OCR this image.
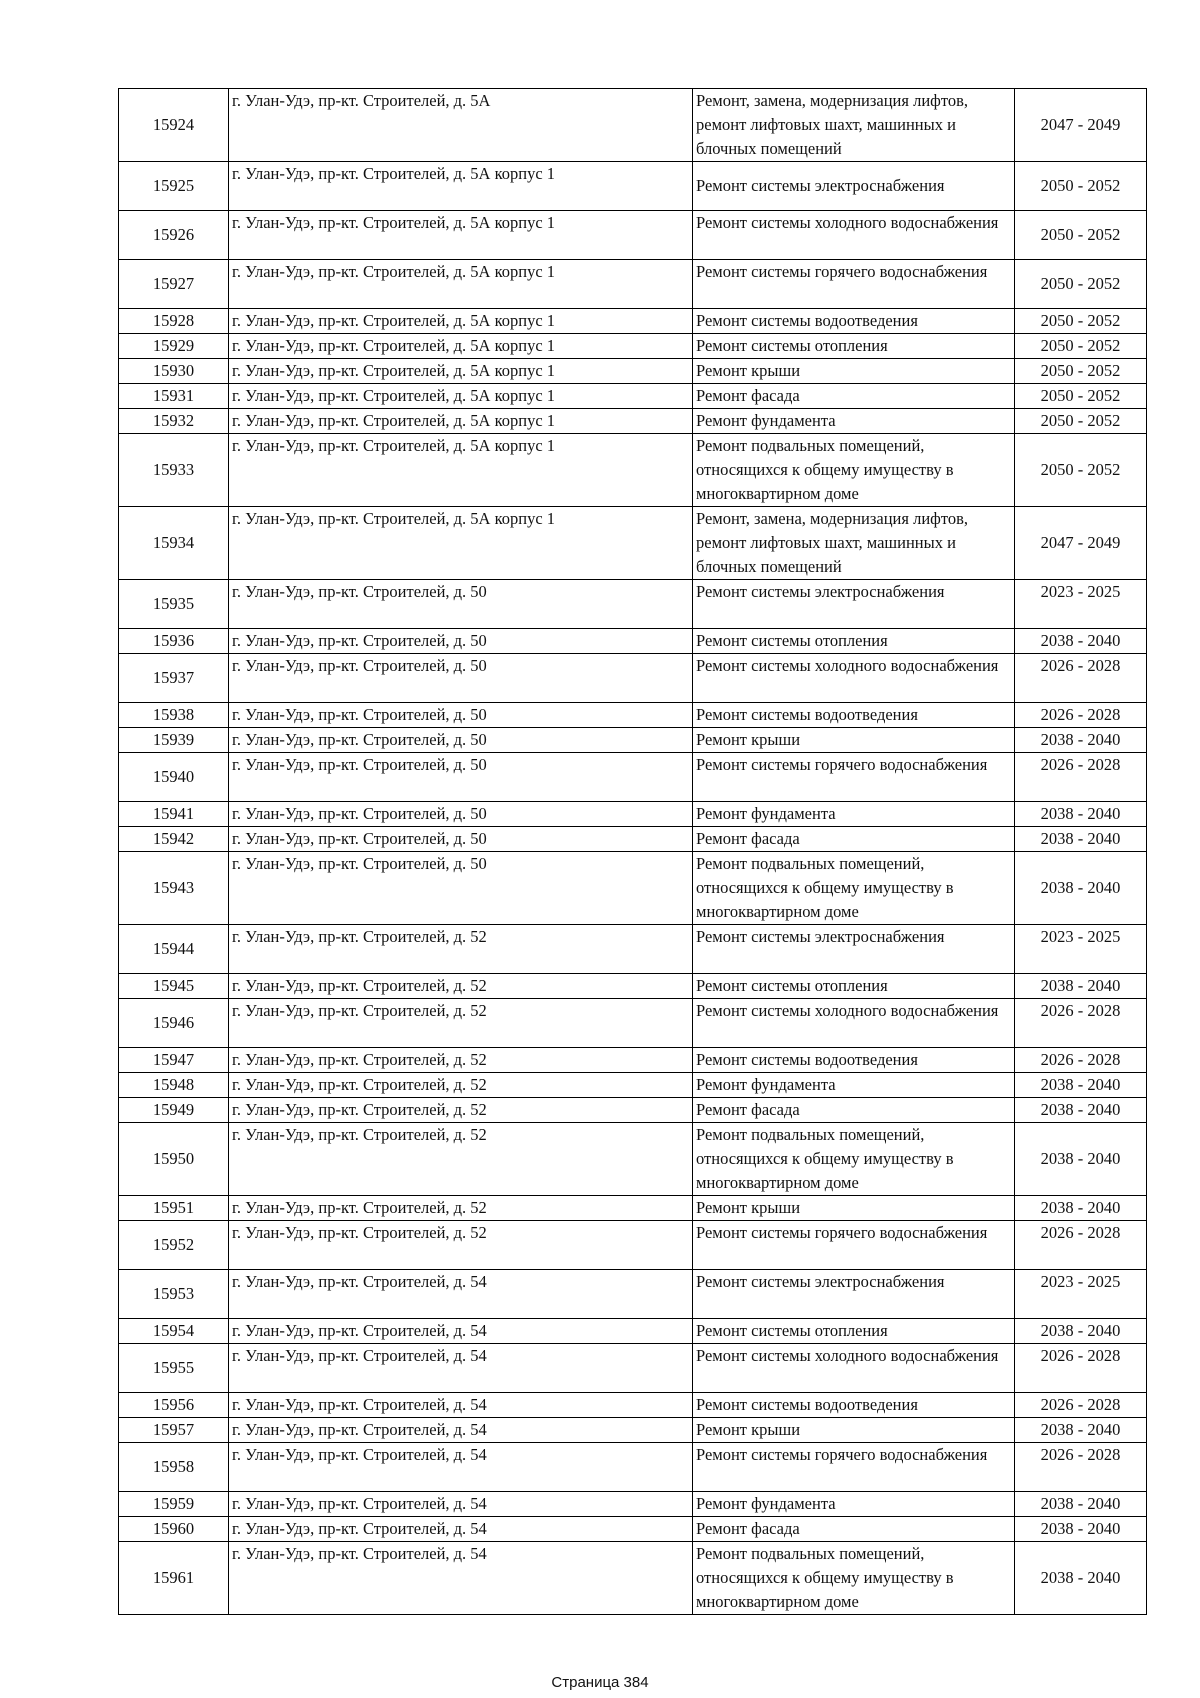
15924	г. Улан-Удэ, пр-кт. Строителей, д. 5А	Ремонт, замена, модернизация лифтов, ремонт лифтовых шахт, машинных и блочных помещений	2047 - 2049
15925	г. Улан-Удэ, пр-кт. Строителей, д. 5А корпус 1	Ремонт системы электроснабжения	2050 - 2052
15926	г. Улан-Удэ, пр-кт. Строителей, д. 5А корпус 1	Ремонт системы холодного водоснабжения	2050 - 2052
15927	г. Улан-Удэ, пр-кт. Строителей, д. 5А корпус 1	Ремонт системы горячего водоснабжения	2050 - 2052
15928	г. Улан-Удэ, пр-кт. Строителей, д. 5А корпус 1	Ремонт системы водоотведения	2050 - 2052
15929	г. Улан-Удэ, пр-кт. Строителей, д. 5А корпус 1	Ремонт системы отопления	2050 - 2052
15930	г. Улан-Удэ, пр-кт. Строителей, д. 5А корпус 1	Ремонт крыши	2050 - 2052
15931	г. Улан-Удэ, пр-кт. Строителей, д. 5А корпус 1	Ремонт фасада	2050 - 2052
15932	г. Улан-Удэ, пр-кт. Строителей, д. 5А корпус 1	Ремонт фундамента	2050 - 2052
15933	г. Улан-Удэ, пр-кт. Строителей, д. 5А корпус 1	Ремонт подвальных помещений, относящихся к общему имуществу в многоквартирном доме	2050 - 2052
15934	г. Улан-Удэ, пр-кт. Строителей, д. 5А корпус 1	Ремонт, замена, модернизация лифтов, ремонт лифтовых шахт, машинных и блочных помещений	2047 - 2049
15935	г. Улан-Удэ, пр-кт. Строителей, д. 50	Ремонт системы электроснабжения	2023 - 2025
15936	г. Улан-Удэ, пр-кт. Строителей, д. 50	Ремонт системы отопления	2038 - 2040
15937	г. Улан-Удэ, пр-кт. Строителей, д. 50	Ремонт системы холодного водоснабжения	2026 - 2028
15938	г. Улан-Удэ, пр-кт. Строителей, д. 50	Ремонт системы водоотведения	2026 - 2028
15939	г. Улан-Удэ, пр-кт. Строителей, д. 50	Ремонт крыши	2038 - 2040
15940	г. Улан-Удэ, пр-кт. Строителей, д. 50	Ремонт системы горячего водоснабжения	2026 - 2028
15941	г. Улан-Удэ, пр-кт. Строителей, д. 50	Ремонт фундамента	2038 - 2040
15942	г. Улан-Удэ, пр-кт. Строителей, д. 50	Ремонт фасада	2038 - 2040
15943	г. Улан-Удэ, пр-кт. Строителей, д. 50	Ремонт подвальных помещений, относящихся к общему имуществу в многоквартирном доме	2038 - 2040
15944	г. Улан-Удэ, пр-кт. Строителей, д. 52	Ремонт системы электроснабжения	2023 - 2025
15945	г. Улан-Удэ, пр-кт. Строителей, д. 52	Ремонт системы отопления	2038 - 2040
15946	г. Улан-Удэ, пр-кт. Строителей, д. 52	Ремонт системы холодного водоснабжения	2026 - 2028
15947	г. Улан-Удэ, пр-кт. Строителей, д. 52	Ремонт системы водоотведения	2026 - 2028
15948	г. Улан-Удэ, пр-кт. Строителей, д. 52	Ремонт фундамента	2038 - 2040
15949	г. Улан-Удэ, пр-кт. Строителей, д. 52	Ремонт фасада	2038 - 2040
15950	г. Улан-Удэ, пр-кт. Строителей, д. 52	Ремонт подвальных помещений, относящихся к общему имуществу в многоквартирном доме	2038 - 2040
15951	г. Улан-Удэ, пр-кт. Строителей, д. 52	Ремонт крыши	2038 - 2040
15952	г. Улан-Удэ, пр-кт. Строителей, д. 52	Ремонт системы горячего водоснабжения	2026 - 2028
15953	г. Улан-Удэ, пр-кт. Строителей, д. 54	Ремонт системы электроснабжения	2023 - 2025
15954	г. Улан-Удэ, пр-кт. Строителей, д. 54	Ремонт системы отопления	2038 - 2040
15955	г. Улан-Удэ, пр-кт. Строителей, д. 54	Ремонт системы холодного водоснабжения	2026 - 2028
15956	г. Улан-Удэ, пр-кт. Строителей, д. 54	Ремонт системы водоотведения	2026 - 2028
15957	г. Улан-Удэ, пр-кт. Строителей, д. 54	Ремонт крыши	2038 - 2040
15958	г. Улан-Удэ, пр-кт. Строителей, д. 54	Ремонт системы горячего водоснабжения	2026 - 2028
15959	г. Улан-Удэ, пр-кт. Строителей, д. 54	Ремонт фундамента	2038 - 2040
15960	г. Улан-Удэ, пр-кт. Строителей, д. 54	Ремонт фасада	2038 - 2040
15961	г. Улан-Удэ, пр-кт. Строителей, д. 54	Ремонт подвальных помещений, относящихся к общему имуществу в многоквартирном доме	2038 - 2040
Страница 384
